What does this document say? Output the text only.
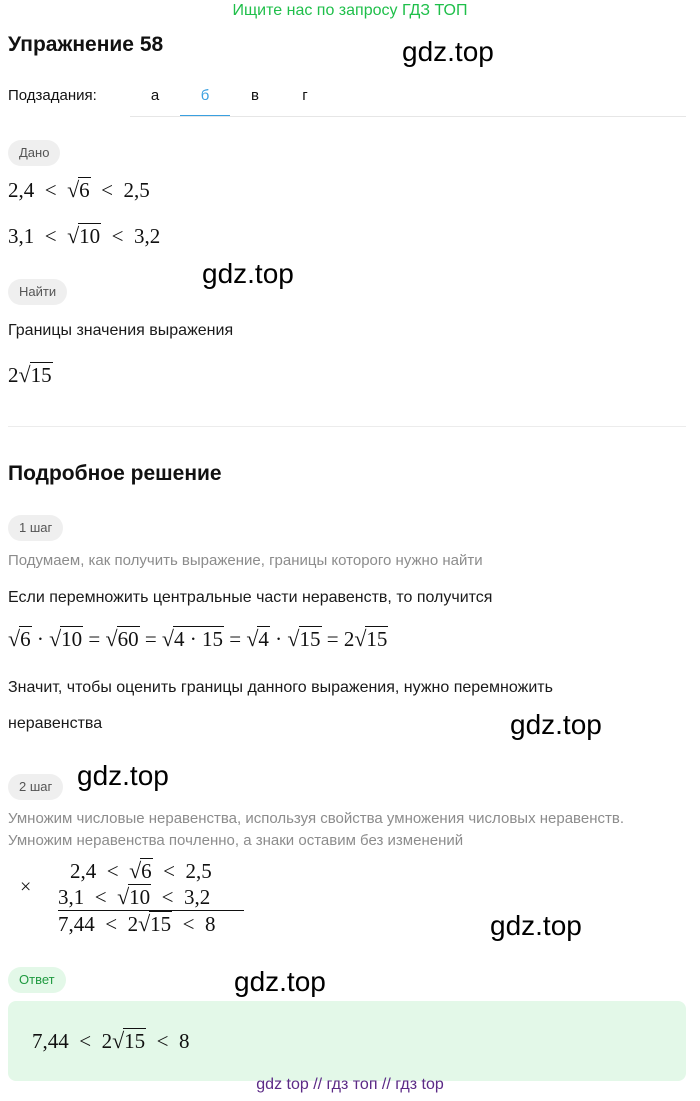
Ищите нас по запросу ГДЗ ТОП
Упражнение 58	gdz.top
gdz.top
gdz.top
gdz.top
gdz.top
gdz.top
Подзадания:	а	б	в	г
Дано
2,4 < √6 < 2,5
3,1 < √10 < 3,2
Найти
Границы значения выражения
2√15
Подробное решение
1 шаг
Подумаем, как получить выражение, границы которого нужно найти
Если перемножить центральные части неравенств, то получится
√6 · √10 = √60 = √4 · 15 = √4 · √15 = 2√15
Значит, чтобы оценить границы данного выражения, нужно перемножить
неравенства
2 шаг
Умножим числовые неравенства, используя свойства умножения числовых неравенств.
Умножим неравенства почленно, а знаки оставим без изменений
×
2,4 < √6 < 2,5
3,1 < √10 < 3,2
7,44 < 2√15 < 8
Ответ
7,44 < 2√15 < 8
gdz top // гдз топ // гдз top
